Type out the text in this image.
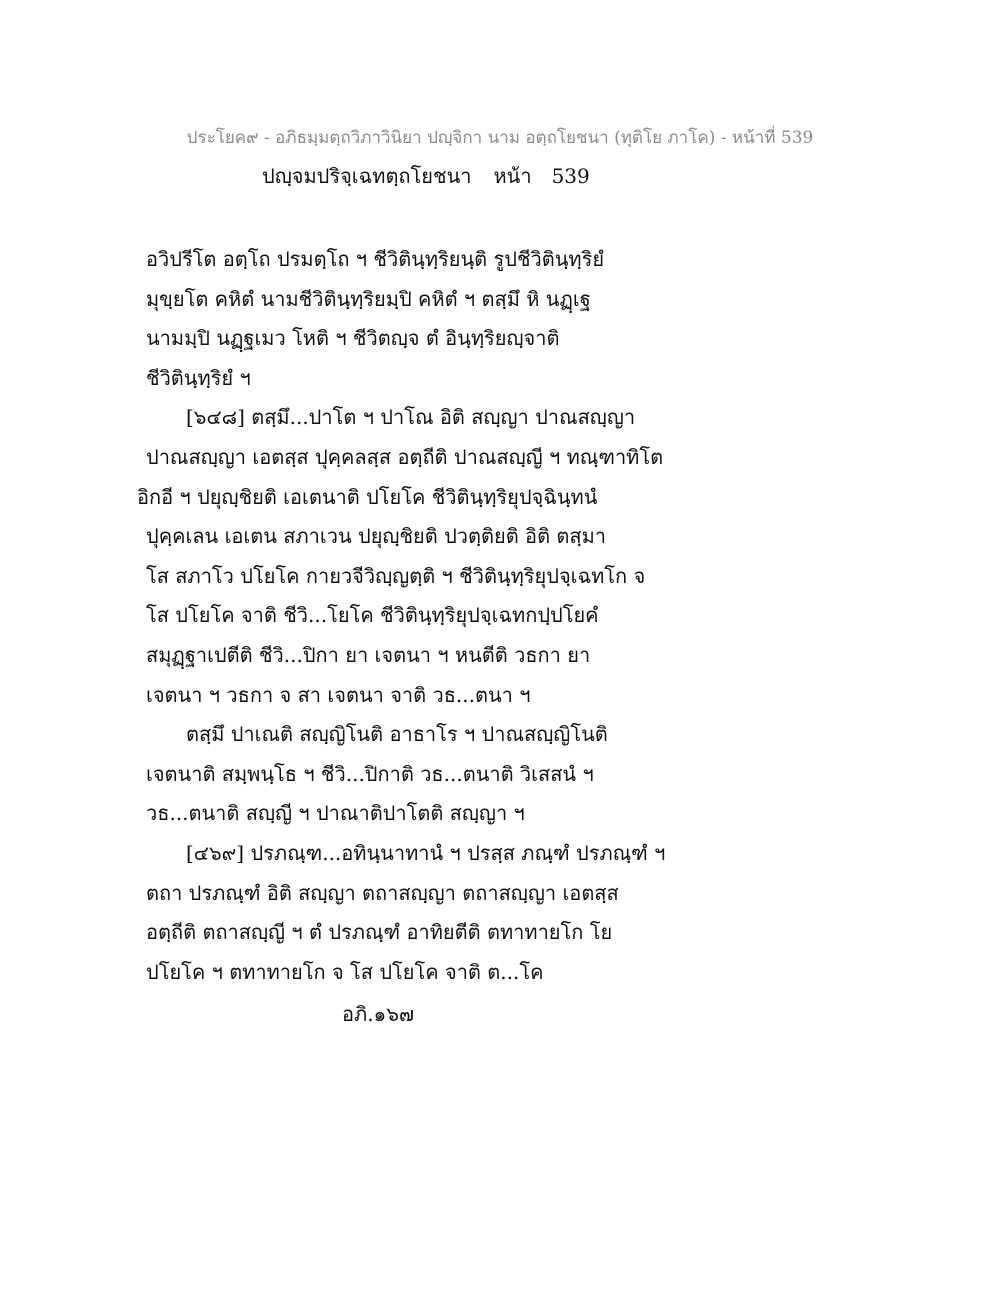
ประโยค๙ - อภิธมฺมตฺถวิภาวินิยา ปญฺจิกา นาม อตฺถโยชนา (ทุติโย ภาโค) - หน้าที่ 539
ปญฺจมปริจฺเฉทตฺถโยชนา หน้า 539
อวิปรีโต อตฺโถ ปรมตฺโถ ฯ ชีวิตินฺทฺริยนฺติ รูปชีวิตินฺทฺริยํ
มุขฺยโต คหิตํ นามชีวิตินฺทฺริยมฺปิ คหิตํ ฯ ตสฺมึ หิ นฏฺเฐ
นามมฺปิ นฏฺฐเมว โหติ ฯ ชีวิตญฺจ ตํ อินฺทฺริยญฺจาติ
ชีวิตินฺทฺริยํ ฯ
[๖๔๘] ตสฺมึ...ปาโต ฯ ปาโณ อิติ สญฺญา ปาณสญฺญา
ปาณสญฺญา เอตสฺส ปุคฺคลสฺส อตฺถีติ ปาณสญฺญี ฯ ทณฺฑาทิโต
อิกอี ฯ ปยุญฺชิยติ เอเตนาติ ปโยโค ชีวิตินฺทฺริยุปจฺฉินฺทนํ
ปุคฺคเลน เอเตน สภาเวน ปยุญฺชิยติ ปวตฺติยติ อิติ ตสฺมา
โส สภาโว ปโยโค กายวจีวิญฺญตฺติ ฯ ชีวิตินฺทฺริยุปจฺเฉทโก จ
โส ปโยโค จาติ ชีวิ...โยโค ชีวิตินฺทฺริยุปจฺเฉทกปฺปโยคํ
สมุฏฺฐาเปตีติ ชีวิ...ปิกา ยา เจตนา ฯ หนตีติ วธกา ยา
เจตนา ฯ วธกา จ สา เจตนา จาติ วธ...ตนา ฯ
ตสฺมึ ปาเณติ สญฺญิโนติ อาธาโร ฯ ปาณสญฺญิโนติ
เจตนาติ สมฺพนฺโธ ฯ ชีวิ...ปิกาติ วธ...ตนาติ วิเสสนํ ฯ
วธ...ตนาติ สญฺญี ฯ ปาณาติปาโตติ สญฺญา ฯ
[๔๖๙] ปรภณฺฑ...อทินฺนาทานํ ฯ ปรสฺส ภณฺฑํ ปรภณฺฑํ ฯ
ตถา ปรภณฺฑํ อิติ สญฺญา ตถาสญฺญา ตถาสญฺญา เอตสฺส
อตฺถีติ ตถาสญฺญี ฯ ตํ ปรภณฺฑํ อาทิยตีติ ตทาทายโก โย
ปโยโค ฯ ตทาทายโก จ โส ปโยโค จาติ ต...โค
อภิ.๑๖๗
